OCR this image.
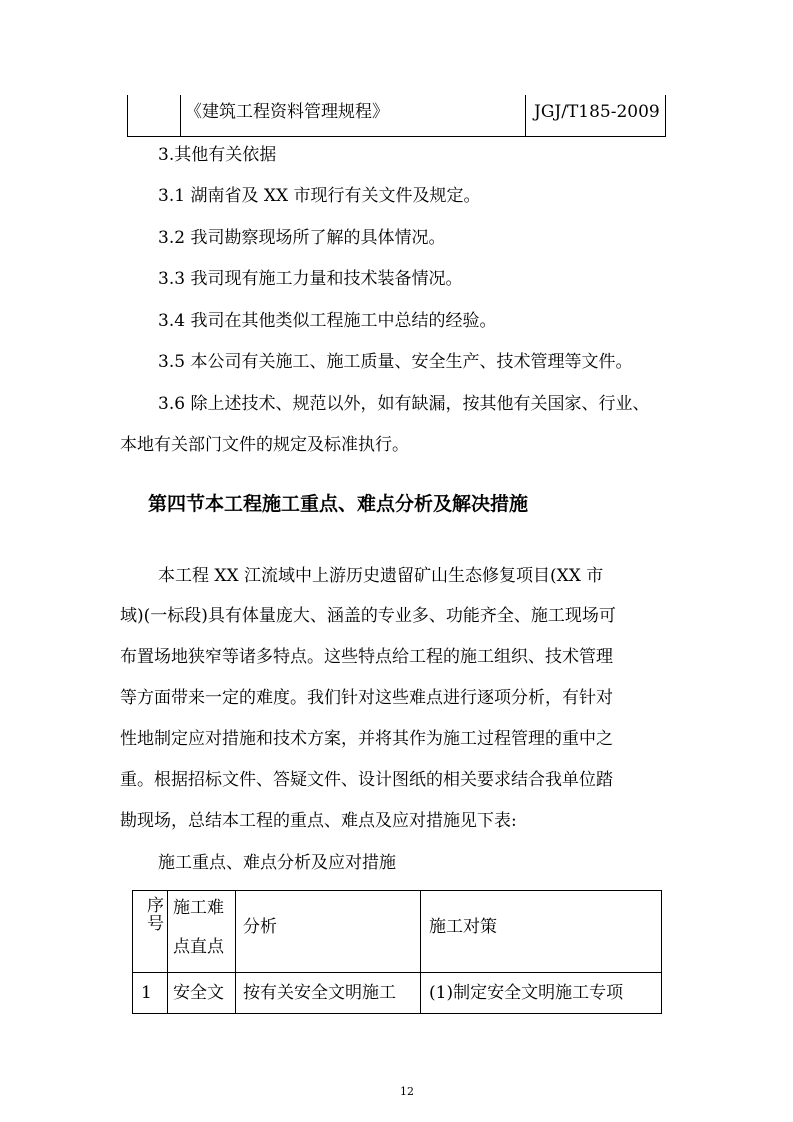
《建筑工程资料管理规程》	JGJ/T185-2009
3.其他有关依据
3.1 湖南省及 XX 市现行有关文件及规定。
3.2 我司勘察现场所了解的具体情况。
3.3 我司现有施工力量和技术装备情况。
3.4 我司在其他类似工程施工中总结的经验。
3.5 本公司有关施工、施工质量、安全生产、技术管理等文件。
3.6 除上述技术、规范以外，如有缺漏，按其他有关国家、行业、
本地有关部门文件的规定及标准执行。
第四节本工程施工重点、难点分析及解决措施
本工程 XX 江流域中上游历史遗留矿山生态修复项目(XX 市
域)(一标段)具有体量庞大、涵盖的专业多、功能齐全、施工现场可
布置场地狭窄等诸多特点。这些特点给工程的施工组织、技术管理
等方面带来一定的难度。我们针对这些难点进行逐项分析，有针对
性地制定应对措施和技术方案，并将其作为施工过程管理的重中之
重。根据招标文件、答疑文件、设计图纸的相关要求结合我单位踏
勘现场，总结本工程的重点、难点及应对措施见下表:
施工重点、难点分析及应对措施
序
号
施工难
点直点
分析	施工对策
1 安全文 按有关安全文明施工 (1)制定安全文明施工专项
12
